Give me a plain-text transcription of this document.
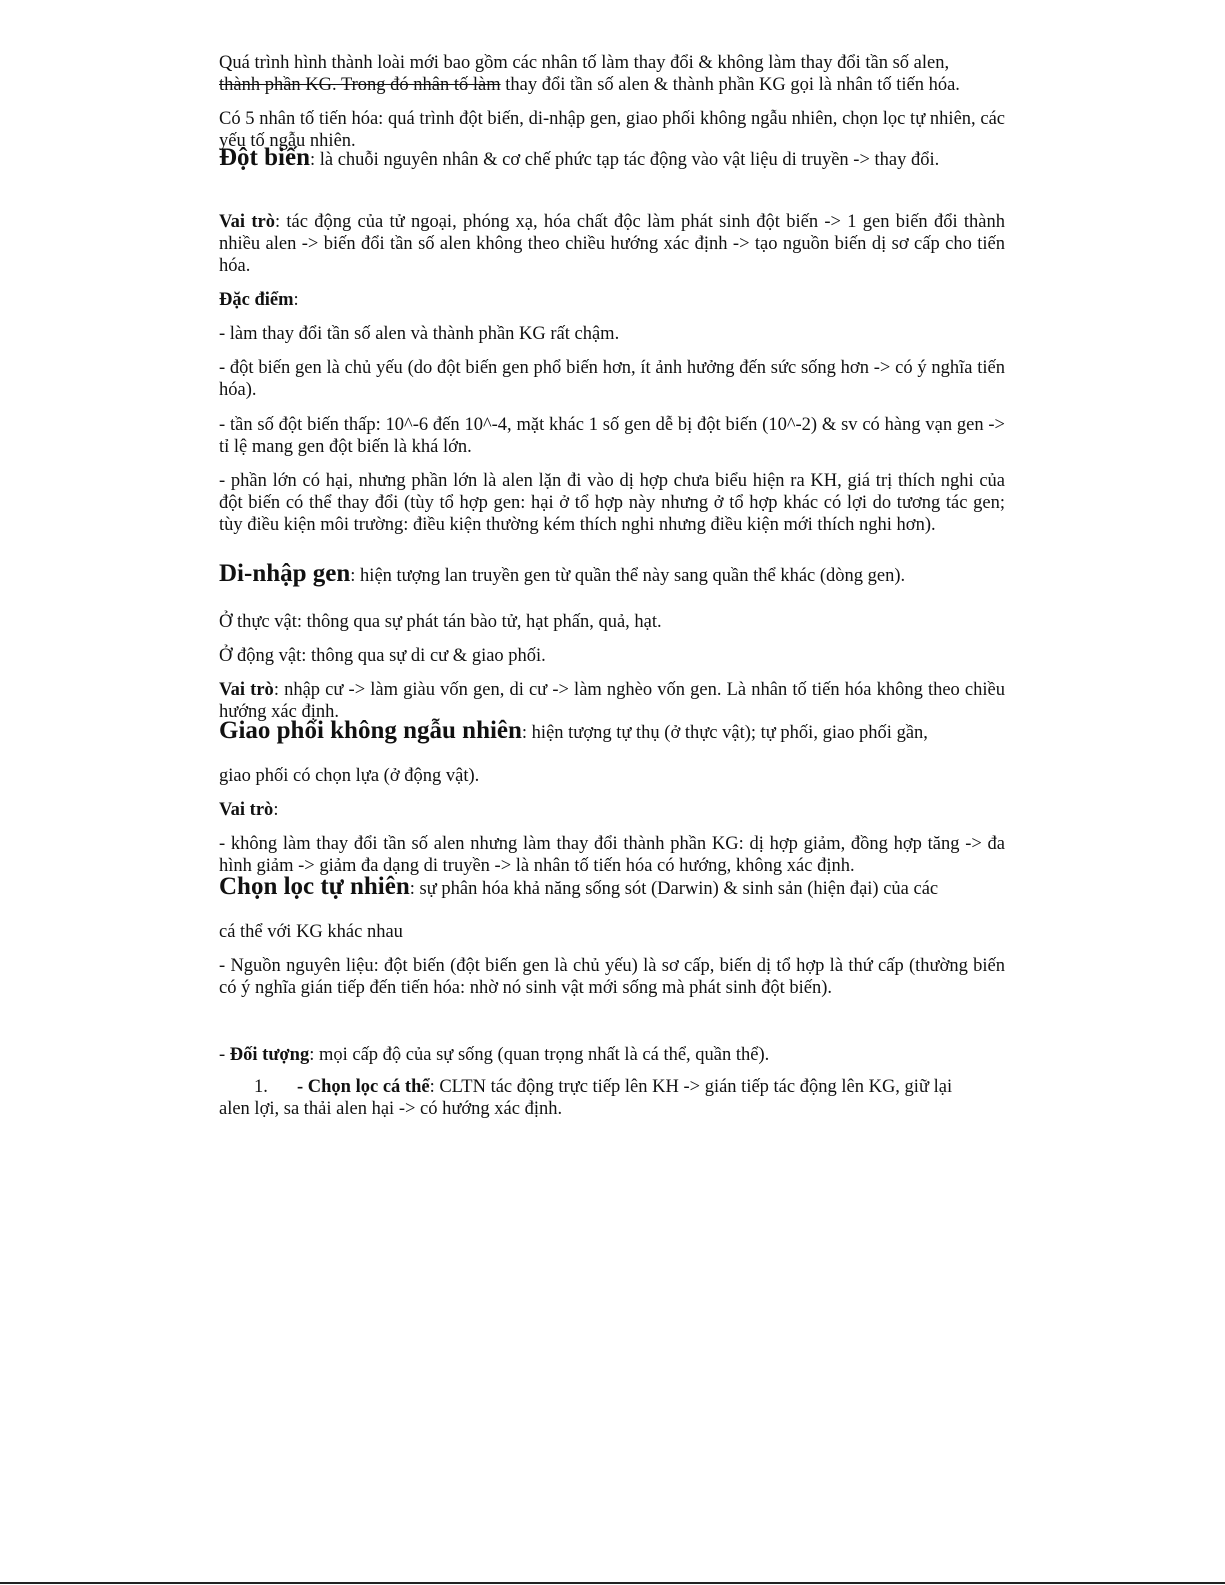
Quá trình hình thành loài mới bao gồm các nhân tố làm thay đổi & không làm thay đổi tần số alen,
thành phần KG. Trong đó nhân tố làm thay đổi tần số alen & thành phần KG gọi là nhân tố tiến hóa.

Có 5 nhân tố tiến hóa: quá trình đột biến, di-nhập gen, giao phối không ngẫu nhiên, chọn lọc tự nhiên, các yếu tố ngẫu nhiên.

Đột biến: là chuỗi nguyên nhân & cơ chế phức tạp tác động vào vật liệu di truyền -> thay đổi.

Vai trò: tác động của tử ngoại, phóng xạ, hóa chất độc làm phát sinh đột biến -> 1 gen biến đổi thành nhiều alen -> biến đổi tần số alen không theo chiều hướng xác định -> tạo nguồn biến dị sơ cấp cho tiến hóa.

Đặc điểm:

- làm thay đổi tần số alen và thành phần KG rất chậm.

- đột biến gen là chủ yếu (do đột biến gen phổ biến hơn, ít ảnh hưởng đến sức sống hơn -> có ý nghĩa tiến hóa).

- tần số đột biến thấp: 10^-6 đến 10^-4, mặt khác 1 số gen dễ bị đột biến (10^-2) & sv có hàng vạn gen -> tỉ lệ mang gen đột biến là khá lớn.

- phần lớn có hại, nhưng phần lớn là alen lặn đi vào dị hợp chưa biểu hiện ra KH, giá trị thích nghi của đột biến có thể thay đổi (tùy tổ hợp gen: hại ở tổ hợp này nhưng ở tổ hợp khác có lợi do tương tác gen; tùy điều kiện môi trường: điều kiện thường kém thích nghi nhưng điều kiện mới thích nghi hơn).

Di-nhập gen: hiện tượng lan truyền gen từ quần thể này sang quần thể khác (dòng gen).

Ở thực vật: thông qua sự phát tán bào tử, hạt phấn, quả, hạt.

Ở động vật: thông qua sự di cư & giao phối.

Vai trò: nhập cư -> làm giàu vốn gen, di cư -> làm nghèo vốn gen. Là nhân tố tiến hóa không theo chiều hướng xác định.

Giao phối không ngẫu nhiên: hiện tượng tự thụ (ở thực vật); tự phối, giao phối gần,

giao phối có chọn lựa (ở động vật).

Vai trò:

- không làm thay đổi tần số alen nhưng làm thay đổi thành phần KG: dị hợp giảm, đồng hợp tăng -> đa hình giảm -> giảm đa dạng di truyền -> là nhân tố tiến hóa có hướng, không xác định.

Chọn lọc tự nhiên: sự phân hóa khả năng sống sót (Darwin) & sinh sản (hiện đại) của các

cá thể với KG khác nhau

- Nguồn nguyên liệu: đột biến (đột biến gen là chủ yếu) là sơ cấp, biến dị tổ hợp là thứ cấp (thường biến có ý nghĩa gián tiếp đến tiến hóa: nhờ nó sinh vật mới sống mà phát sinh đột biến).

- Đối tượng: mọi cấp độ của sự sống (quan trọng nhất là cá thể, quần thể).

1. - Chọn lọc cá thể: CLTN tác động trực tiếp lên KH -> gián tiếp tác động lên KG, giữ lại
alen lợi, sa thải alen hại -> có hướng xác định.
